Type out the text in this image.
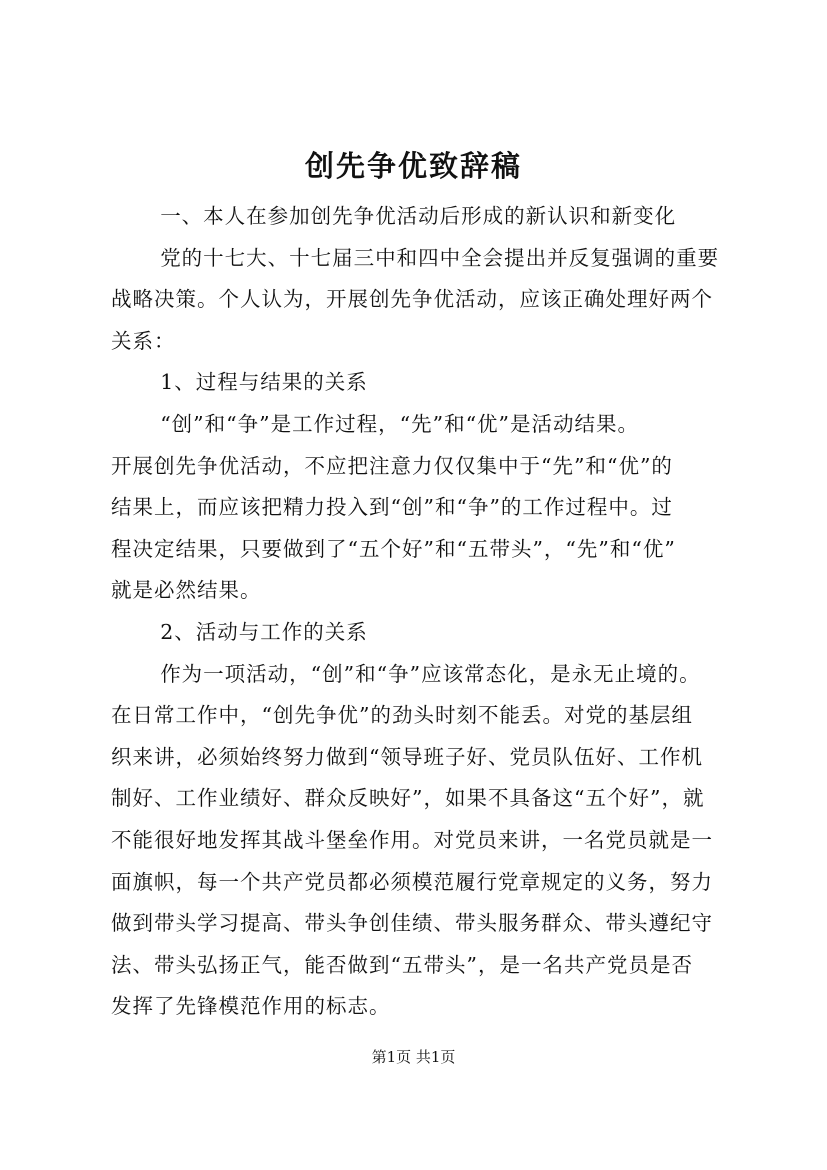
创先争优致辞稿

一、本人在参加创先争优活动后形成的新认识和新变化

党的十七大、十七届三中和四中全会提出并反复强调的重要
战略决策。个人认为，开展创先争优活动，应该正确处理好两个
关系：

1、过程与结果的关系

“创”和“争”是工作过程，“先”和“优”是活动结果。
开展创先争优活动，不应把注意力仅仅集中于“先”和“优”的
结果上，而应该把精力投入到“创”和“争”的工作过程中。过
程决定结果，只要做到了“五个好”和“五带头”，“先”和“优”
就是必然结果。

2、活动与工作的关系

作为一项活动，“创”和“争”应该常态化，是永无止境的。
在日常工作中，“创先争优”的劲头时刻不能丢。对党的基层组
织来讲，必须始终努力做到“领导班子好、党员队伍好、工作机
制好、工作业绩好、群众反映好”，如果不具备这“五个好”，就
不能很好地发挥其战斗堡垒作用。对党员来讲，一名党员就是一
面旗帜，每一个共产党员都必须模范履行党章规定的义务，努力
做到带头学习提高、带头争创佳绩、带头服务群众、带头遵纪守
法、带头弘扬正气，能否做到“五带头”，是一名共产党员是否
发挥了先锋模范作用的标志。

第1页 共1页
